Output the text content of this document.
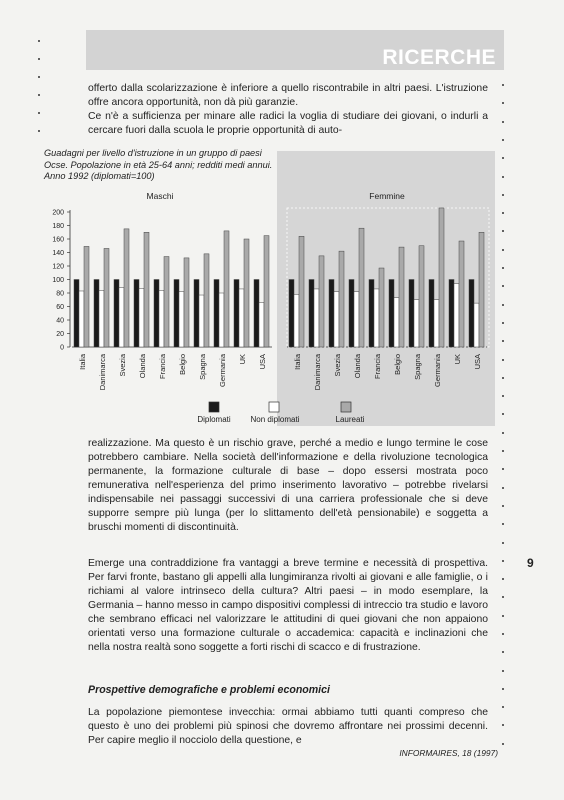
RICERCHE

offerto dalla scolarizzazione è inferiore a quello riscontrabile in altri paesi. L'istruzione offre ancora opportunità, non dà più garanzie.

Ce n'è a sufficienza per minare alle radici la voglia di studiare dei giovani, o indurli a cercare fuori dalla scuola le proprie opportunità di auto-

Guadagni per livello d'istruzione in un gruppo di paesi
Ocse. Popolazione in età 25-64 anni; redditi medi annui.
Anno 1992 (diplomati=100)
0
20
40
60
80
100
120
140
160
180
200
Maschi
Italia Danimarca Svezia Olanda Francia Belgio Spagna Germania UK USA
Femmine
Italia Danimarca Svezia Olanda Francia Belgio Spagna Germania UK USA
Diplomati Non diplomati	Laureati

realizzazione. Ma questo è un rischio grave, perché a medio e lungo termine le cose potrebbero cambiare. Nella società dell'informazione e della rivoluzione tecnologica permanente, la formazione culturale di base – dopo essersi mostrata poco remunerativa nell'esperienza del primo inserimento lavorativo – potrebbe rivelarsi indispensabile nei passaggi successivi di una carriera professionale che si deve supporre sempre più lunga (per lo slittamento dell'età pensionabile) e soggetta a bruschi momenti di discontinuità.

Emerge una contraddizione fra vantaggi a breve termine e necessità di prospettiva. Per farvi fronte, bastano gli appelli alla lungimiranza rivolti ai giovani e alle famiglie, o i richiami al valore intrinseco della cultura? Altri paesi – in modo esemplare, la Germania – hanno messo in campo dispositivi complessi di intreccio tra studio e lavoro che sembrano efficaci nel valorizzare le attitudini di quei giovani che non appaiono orientati verso una formazione culturale o accademica: capacità e inclinazioni che nella nostra realtà sono soggette a forti rischi di scacco e di frustrazione.

Prospettive demografiche e problemi economici

La popolazione piemontese invecchia: ormai abbiamo tutti quanti compreso che questo è uno dei problemi più spinosi che dovremo affrontare nei prossimi decenni. Per capire meglio il nocciolo della questione, e

9
INFORMAIRES, 18 (1997)
